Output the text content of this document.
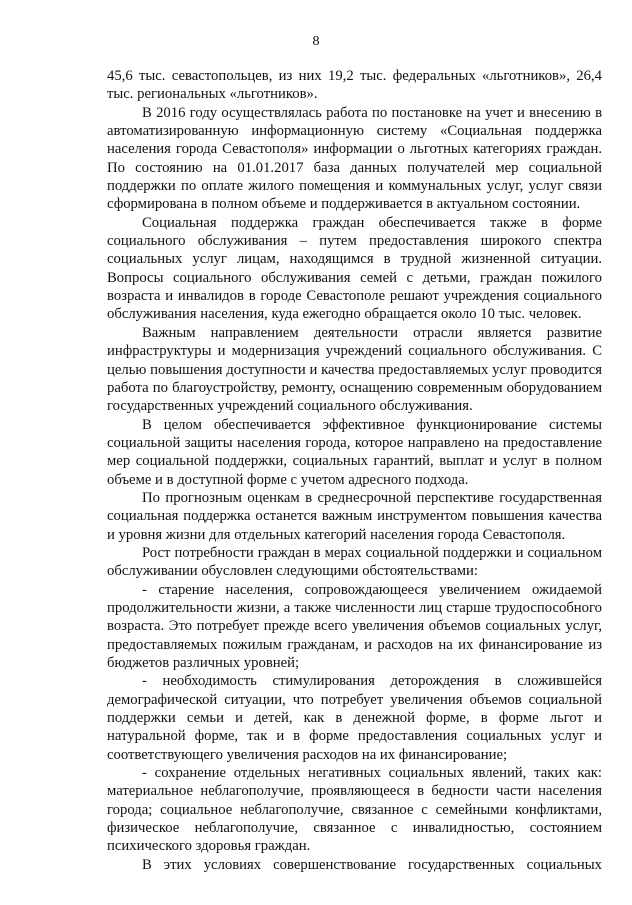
8

45,6 тыс. севастопольцев, из них 19,2 тыс. федеральных «льготников», 26,4 тыс. региональных «льготников».

В 2016 году осуществлялась работа по постановке на учет и внесению в автоматизированную информационную систему «Социальная поддержка населения города Севастополя» информации о льготных категориях граждан. По состоянию на 01.01.2017 база данных получателей мер социальной поддержки по оплате жилого помещения и коммунальных услуг, услуг связи сформирована в полном объеме и поддерживается в актуальном состоянии.

Социальная поддержка граждан обеспечивается также в форме социального обслуживания – путем предоставления широкого спектра социальных услуг лицам, находящимся в трудной жизненной ситуации. Вопросы социального обслуживания семей с детьми, граждан пожилого возраста и инвалидов в городе Севастополе решают учреждения социального обслуживания населения, куда ежегодно обращается около 10 тыс. человек.

Важным направлением деятельности отрасли является развитие инфраструктуры и модернизация учреждений социального обслуживания. С целью повышения доступности и качества предоставляемых услуг проводится работа по благоустройству, ремонту, оснащению современным оборудованием государственных учреждений социального обслуживания.

В целом обеспечивается эффективное функционирование системы социальной защиты населения города, которое направлено на предоставление мер социальной поддержки, социальных гарантий, выплат и услуг в полном объеме и в доступной форме с учетом адресного подхода.

По прогнозным оценкам в среднесрочной перспективе государственная социальная поддержка останется важным инструментом повышения качества и уровня жизни для отдельных категорий населения города Севастополя.

Рост потребности граждан в мерах социальной поддержки и социальном обслуживании обусловлен следующими обстоятельствами:

- старение населения, сопровождающееся увеличением ожидаемой продолжительности жизни, а также численности лиц старше трудоспособного возраста. Это потребует прежде всего увеличения объемов социальных услуг, предоставляемых пожилым гражданам, и расходов на их финансирование из бюджетов различных уровней;

- необходимость стимулирования деторождения в сложившейся демографической ситуации, что потребует увеличения объемов социальной поддержки семьи и детей, как в денежной форме, в форме льгот и натуральной форме, так и в форме предоставления социальных услуг и соответствующего увеличения расходов на их финансирование;

- сохранение отдельных негативных социальных явлений, таких как: материальное неблагополучие, проявляющееся в бедности части населения города; социальное неблагополучие, связанное с семейными конфликтами, физическое неблагополучие, связанное с инвалидностью, состоянием психического здоровья граждан.

В этих условиях совершенствование государственных социальных
